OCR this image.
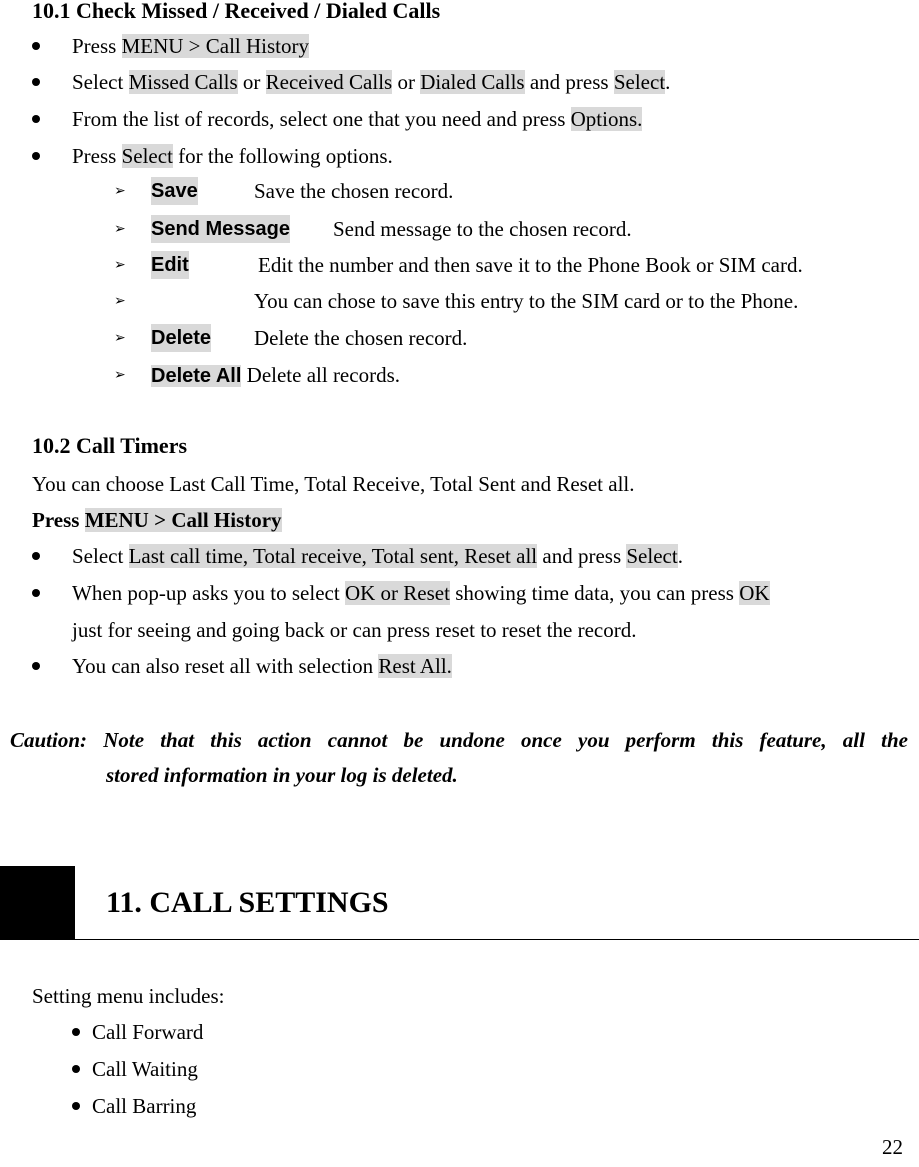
10.1 Check Missed / Received / Dialed Calls
Press MENU > Call History
Select Missed Calls or Received Calls or Dialed Calls and press Select.
From the list of records, select one that you need and press Options.
Press Select for the following options.
➢ Save	Save the chosen record.
➢ Send Message Send message to the chosen record.
➢ Edit	Edit the number and then save it to the Phone Book or SIM card.
➢	You can chose to save this entry to the SIM card or to the Phone.
➢ Delete Delete the chosen record.
➢ Delete All Delete all records.
10.2 Call Timers
You can choose Last Call Time, Total Receive, Total Sent and Reset all.
Press MENU > Call History
Select Last call time, Total receive, Total sent, Reset all and press Select.
When pop-up asks you to select OK or Reset showing time data, you can press OK
just for seeing and going back or can press reset to reset the record.
You can also reset all with selection Rest All.
Caution: Note that this action cannot be undone once you perform this feature, all the
stored information in your log is deleted.
11. CALL SETTINGS
Setting menu includes:
Call Forward
Call Waiting
Call Barring
22
